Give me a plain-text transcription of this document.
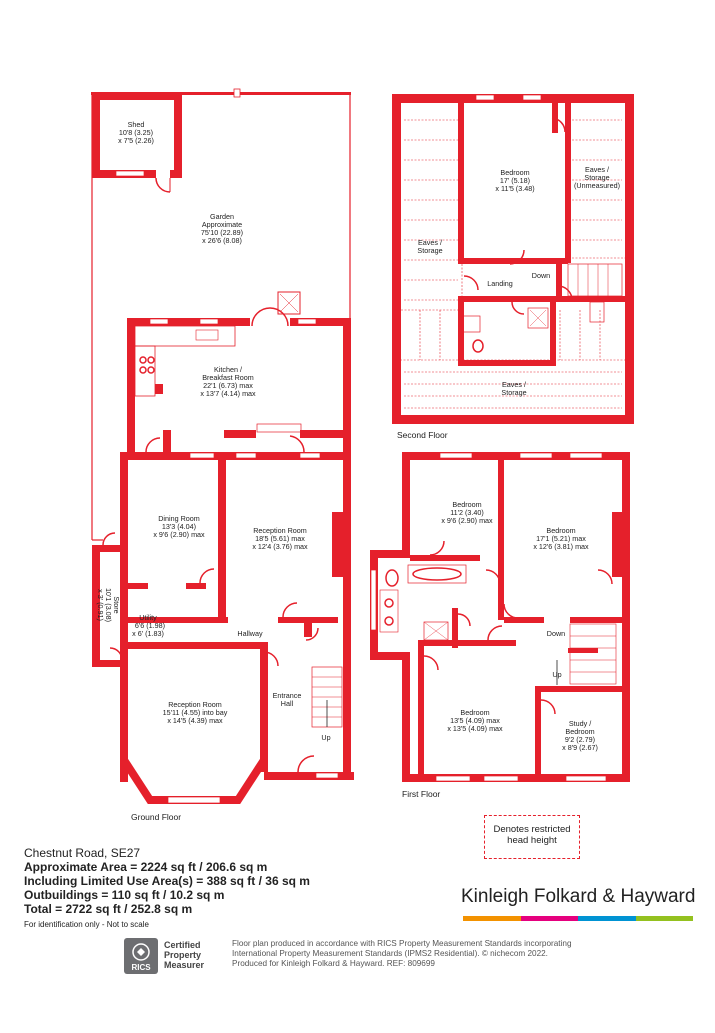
Shed
10'8 (3.25)
x 7'5 (2.26)
Garden
Approximate
75'10 (22.89)
x 26'6 (8.08)
Kitchen /
Breakfast Room
22'1 (6.73) max
x 13'7 (4.14) max
Dining Room
13'3 (4.04)
x 9'6 (2.90) max	Reception Room
18'5 (5.61) max
x 12'4 (3.76) max
Store
10'1 (3.08)
x 3' (0.91)	Utility
6'6 (1.98)
x 6' (1.83)	Hallway
Reception Room
15'11 (4.55) into bay
x 14'5 (4.39) max
Entrance
Hall
Up
Ground Floor
Bedroom
17' (5.18)
x 11'5 (3.48)
Eaves /
Storage
(Unmeasured)
Eaves /
Storage
Landing
Down
Eaves /
Storage
Second Floor
Bedroom
11'2 (3.40)
x 9'6 (2.90) max
Bedroom
17'1 (5.21) max
x 12'6 (3.81) max
Down
Up
Bedroom
13'5 (4.09) max
x 13'5 (4.09) max
Study /
Bedroom
9'2 (2.79)
x 8'9 (2.67)
First Floor
Denotes restricted
head height
Chestnut Road, SE27
Approximate Area = 2224 sq ft / 206.6 sq m
Including Limited Use Area(s) = 388 sq ft / 36 sq m
Outbuildings = 110 sq ft / 10.2 sq m
Total = 2722 sq ft / 252.8 sq m
For identification only - Not to scale
Kinleigh Folkard & Hayward
RICS
Certified
Property
Measurer
Floor plan produced in accordance with RICS Property Measurement Standards incorporating
International Property Measurement Standards (IPMS2 Residential). © nichecom 2022.
Produced for Kinleigh Folkard & Hayward. REF: 809699
